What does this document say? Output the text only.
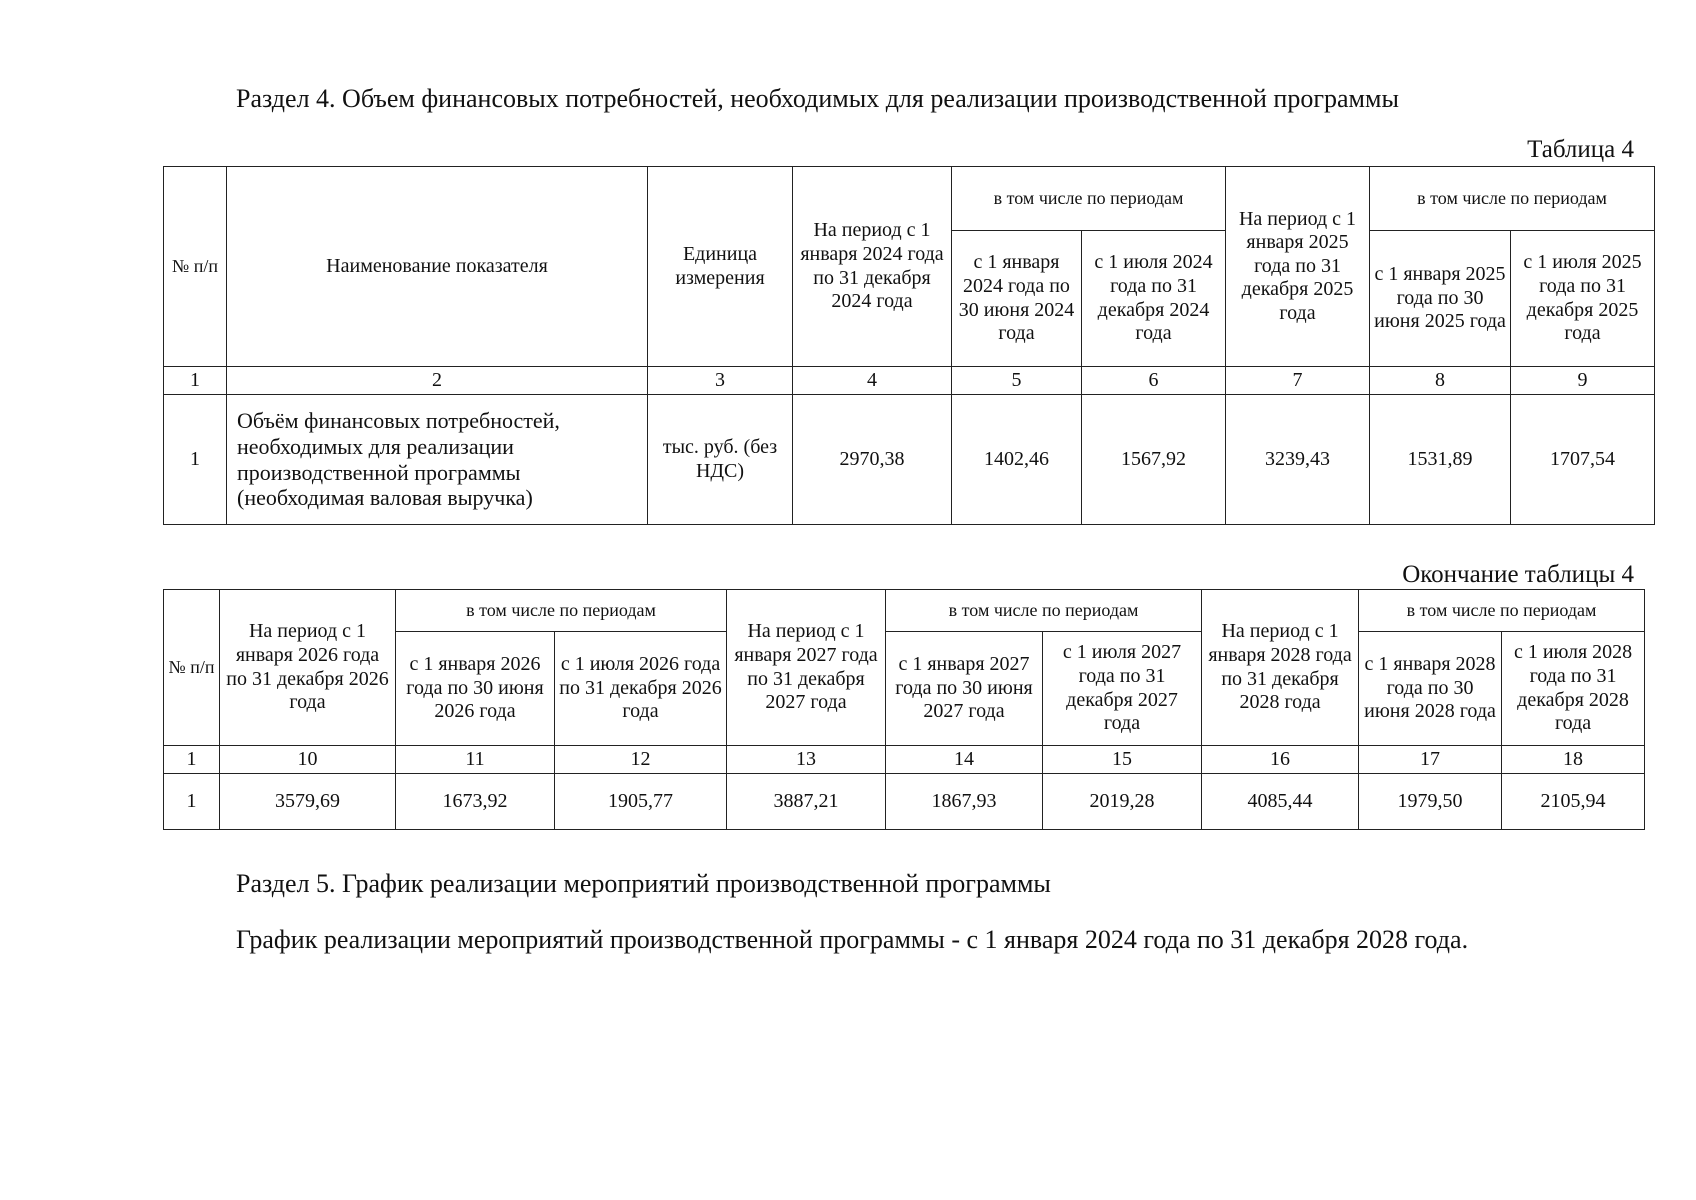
Раздел 4. Объем финансовых потребностей, необходимых для реализации производственной программы
Таблица 4
№ п/п	Наименование показателя	Единица измерения	На период с 1 января 2024 года по 31 декабря 2024 года	в том числе по периодам		На период с 1 января 2025 года по 31 декабря 2025 года	в том числе по периодам	
				с 1 января 2024 года по 30 июня 2024 года	с 1 июля 2024 года по 31 декабря 2024 года		с 1 января 2025 года по 30 июня 2025 года	с 1 июля 2025 года по 31 декабря 2025 года
1	2	3	4	5	6	7	8	9
1	Объём финансовых потребностей, необходимых для реализации производственной программы (необходимая валовая выручка)	тыс. руб. (без НДС)	2970,38	1402,46	1567,92	3239,43	1531,89	1707,54
Окончание таблицы 4
№ п/п	На период с 1 января 2026 года по 31 декабря 2026 года	в том числе по периодам		На период с 1 января 2027 года по 31 декабря 2027 года	в том числе по периодам		На период с 1 января 2028 года по 31 декабря 2028 года	в том числе по периодам	
		с 1 января 2026 года по 30 июня 2026 года	с 1 июля 2026 года по 31 декабря 2026 года		с 1 января 2027 года по 30 июня 2027 года	с 1 июля 2027 года по 31 декабря 2027 года		с 1 января 2028 года по 30 июня 2028 года	с 1 июля 2028 года по 31 декабря 2028 года
1	10	11	12	13	14	15	16	17	18
1	3579,69	1673,92	1905,77	3887,21	1867,93	2019,28	4085,44	1979,50	2105,94
Раздел 5. График реализации мероприятий производственной программы
График реализации мероприятий производственной программы - с 1 января 2024 года по 31 декабря 2028 года.
